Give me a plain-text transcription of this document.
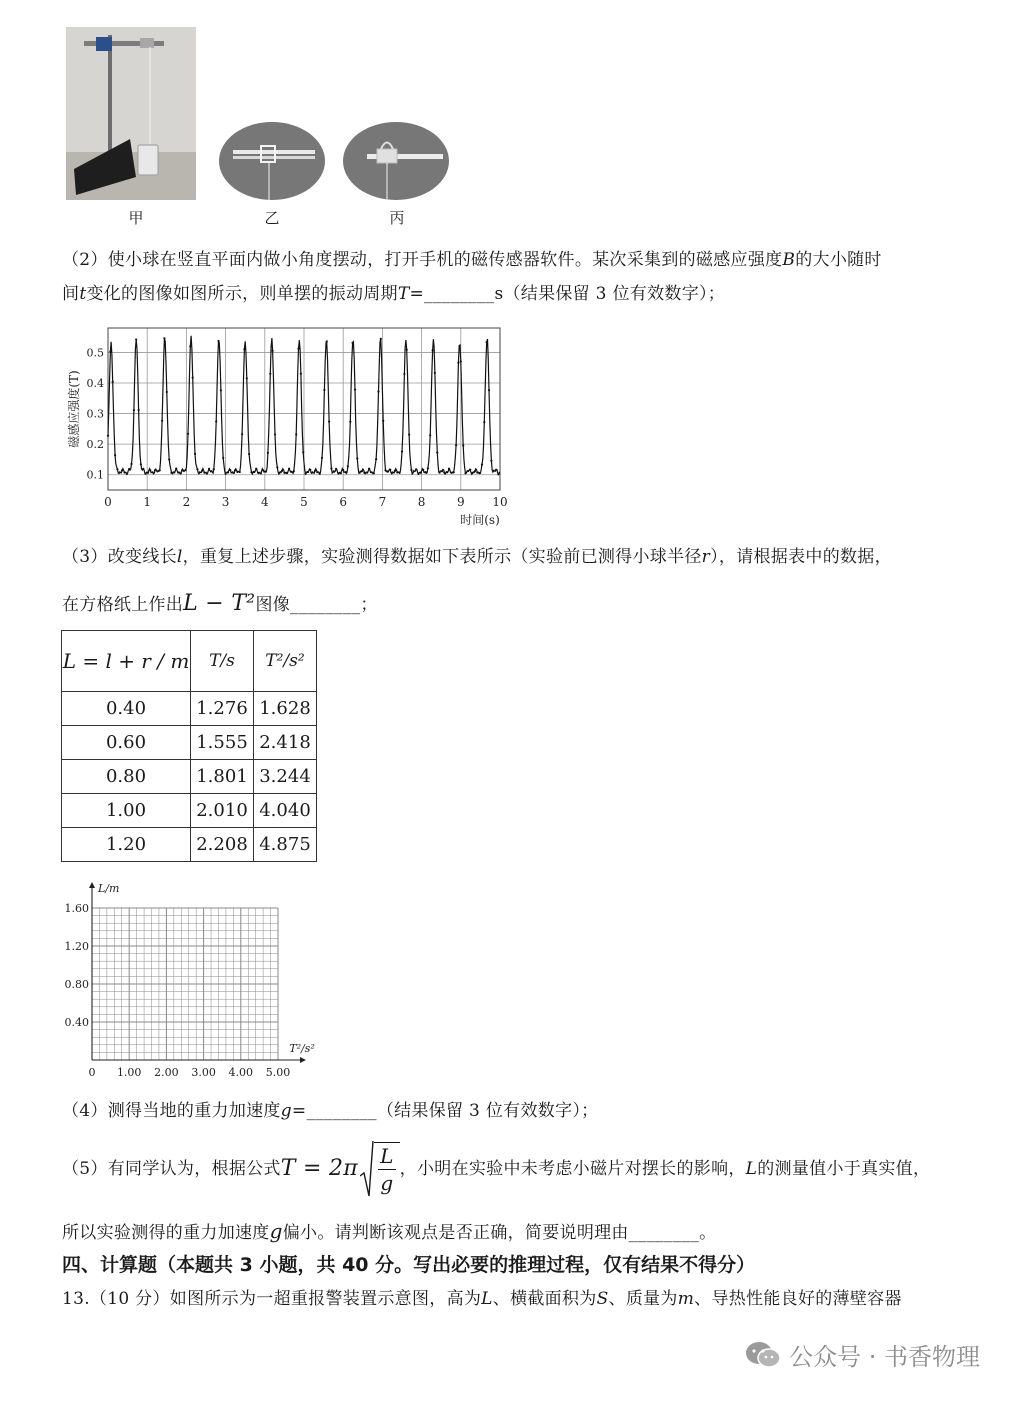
甲	乙	丙
（2）使小球在竖直平面内做小角度摆动，打开手机的磁传感器软件。某次采集到的磁感应强度B的大小随时
间t变化的图像如图所示，则单摆的振动周期T=________s（结果保留 3 位有效数字）；
0	1	2	3	4	5	6	7	8	9 10
0.1
0.2
0.3
0.4
0.5
时间(s)
磁感应强度(T)
（3）改变线长l，重复上述步骤，实验测得数据如下表所示（实验前已测得小球半径r），请根据表中的数据，
在方格纸上作出L − T²图像________；
L = l + r / m	T/s	T²/s²
0.40	1.276	1.628
0.60	1.555	2.418
0.80	1.801	3.244
1.00	2.010	4.040
1.20	2.208	4.875
0 1.00 2.00 3.00 4.00 5.00
0.40
0.80
1.20
1.60
T²/s²
L/m
（4）测得当地的重力加速度g=________（结果保留 3 位有效数字）；
（5）有同学认为，根据公式 $T = 2\pi \frac{L}{g}$ ，小明在实验中未考虑小磁片对摆长的影响， L 的测量值小于真实值，
所以实验测得的重力加速度g偏小。请判断该观点是否正确，简要说明理由________。
四、计算题（本题共 3 小题，共 40 分。写出必要的推理过程，仅有结果不得分）
13.（10 分）如图所示为一超重报警装置示意图，高为L、横截面积为S、质量为m、导热性能良好的薄壁容器
公众号 · 书香物理
